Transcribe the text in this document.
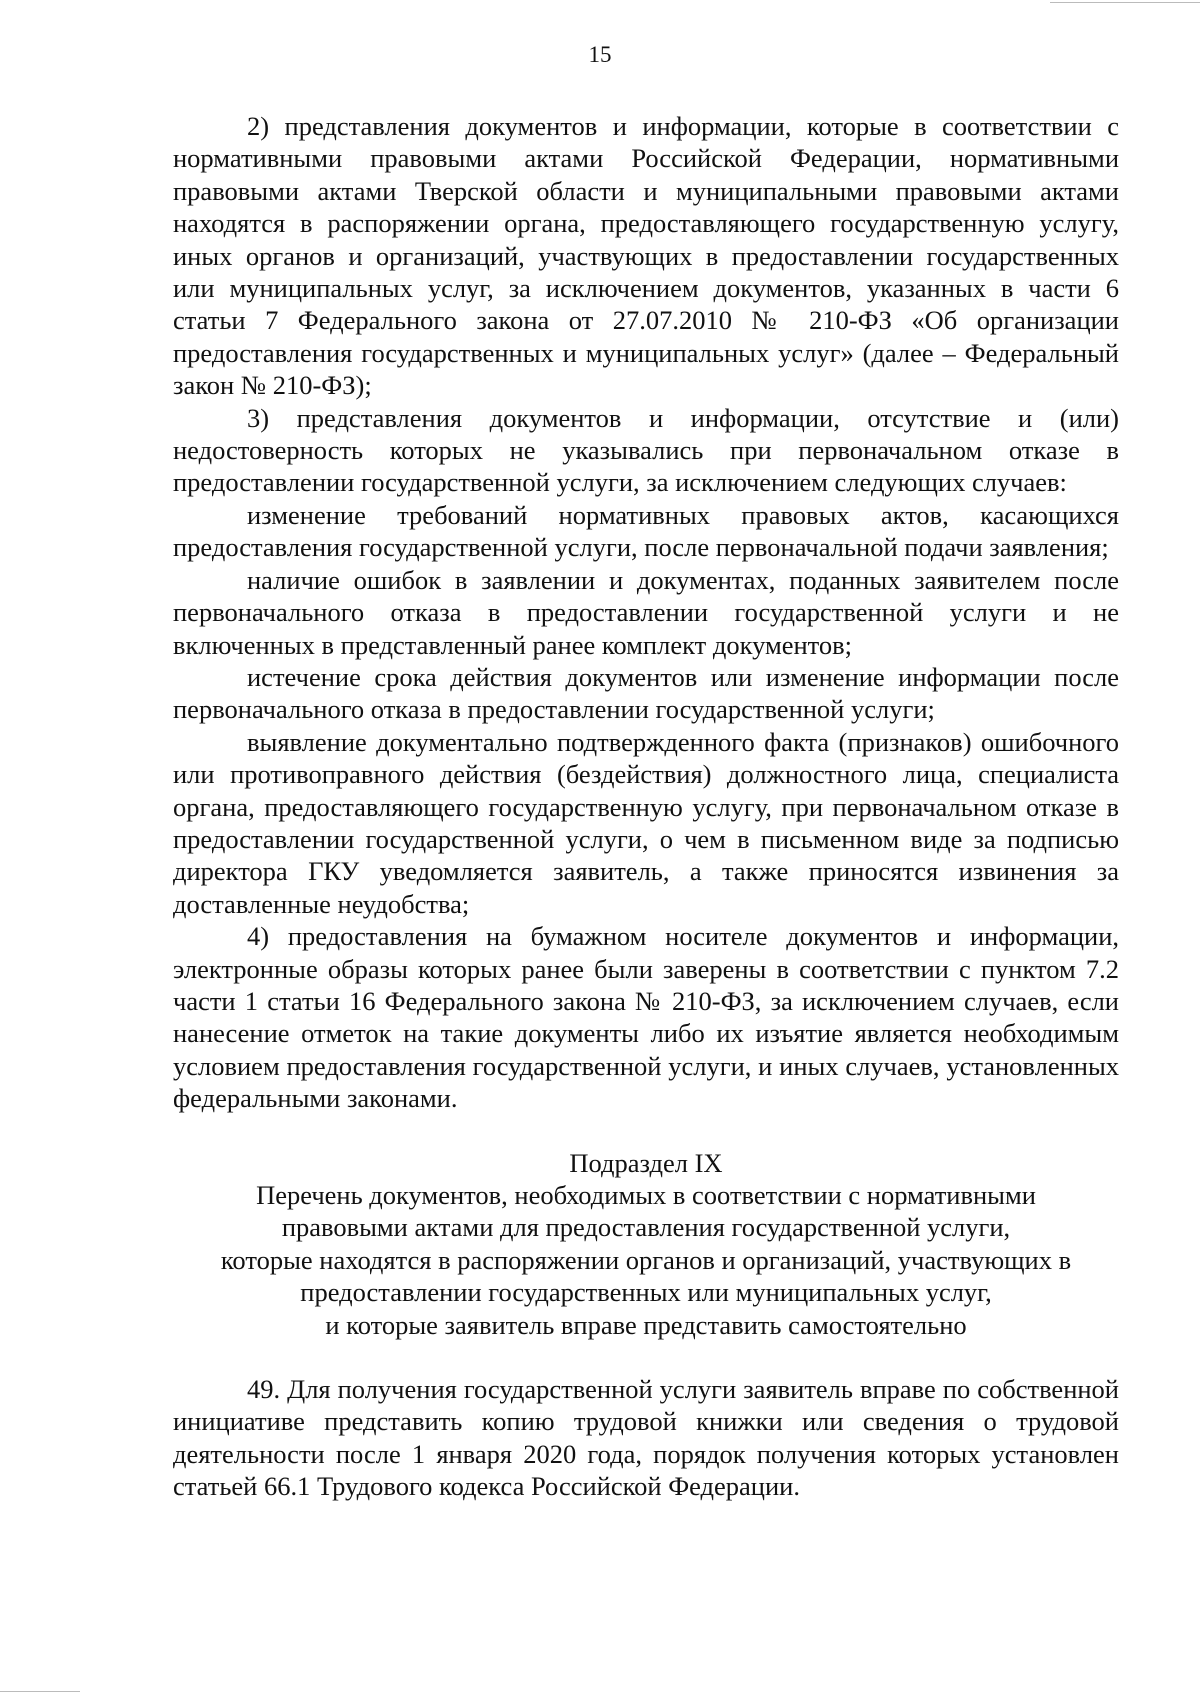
15

2) представления документов и информации, которые в соответствии с нормативными правовыми актами Российской Федерации, нормативными правовыми актами Тверской области и муниципальными правовыми актами находятся в распоряжении органа, предоставляющего государственную услугу, иных органов и организаций, участвующих в предоставлении государственных или муниципальных услуг, за исключением документов, указанных в части 6 статьи 7 Федерального закона от 27.07.2010 № 210-ФЗ «Об организации предоставления государственных и муниципальных услуг» (далее – Федеральный закон № 210-ФЗ);

3) представления документов и информации, отсутствие и (или) недостоверность которых не указывались при первоначальном отказе в предоставлении государственной услуги, за исключением следующих случаев:

изменение требований нормативных правовых актов, касающихся предоставления государственной услуги, после первоначальной подачи заявления;

наличие ошибок в заявлении и документах, поданных заявителем после первоначального отказа в предоставлении государственной услуги и не включенных в представленный ранее комплект документов;

истечение срока действия документов или изменение информации после первоначального отказа в предоставлении государственной услуги;

выявление документально подтвержденного факта (признаков) ошибочного или противоправного действия (бездействия) должностного лица, специалиста органа, предоставляющего государственную услугу, при первоначальном отказе в предоставлении государственной услуги, о чем в письменном виде за подписью директора ГКУ уведомляется заявитель, а также приносятся извинения за доставленные неудобства;

4) предоставления на бумажном носителе документов и информации, электронные образы которых ранее были заверены в соответствии с пунктом 7.2 части 1 статьи 16 Федерального закона № 210-ФЗ, за исключением случаев, если нанесение отметок на такие документы либо их изъятие является необходимым условием предоставления государственной услуги, и иных случаев, установленных федеральными законами.

Подраздел IX

Перечень документов, необходимых в соответствии с нормативными

правовыми актами для предоставления государственной услуги,

которые находятся в распоряжении органов и организаций, участвующих в

предоставлении государственных или муниципальных услуг,

и которые заявитель вправе представить самостоятельно

49. Для получения государственной услуги заявитель вправе по собственной инициативе представить копию трудовой книжки или сведения о трудовой деятельности после 1 января 2020 года, порядок получения которых установлен статьей 66.1 Трудового кодекса Российской Федерации.
